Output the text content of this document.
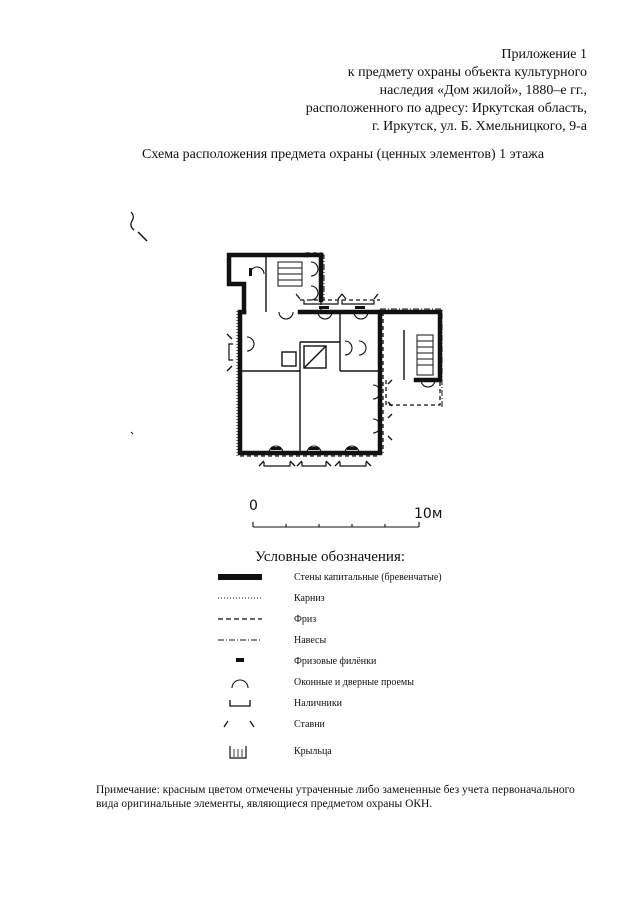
Приложение 1
к предмету охраны объекта культурного
наследия «Дом жилой», 1880–е гг.,
расположенного по адресу: Иркутская область,
г. Иркутск, ул. Б. Хмельницкого, 9-а
Схема расположения предмета охраны (ценных элементов) 1 этажа
0	10м
Условные обозначения:
Стены капитальные (бревенчатые)
Карниз
Фриз
Навесы
Фризовые филёнки
Оконные и дверные проемы
Наличники
Ставни
Крыльца
Примечание: красным цветом отмечены утраченные либо замененные без учета первоначального вида оригинальные элементы, являющиеся предметом охраны ОКН.
